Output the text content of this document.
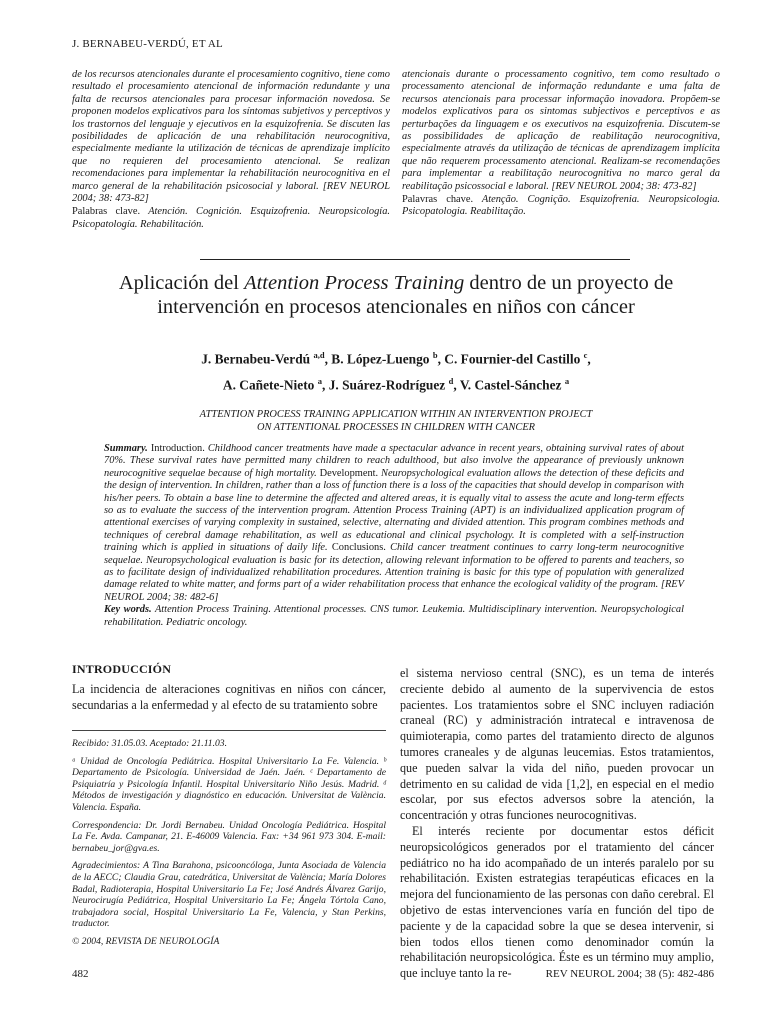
J. BERNABEU-VERDÚ, ET AL
de los recursos atencionales durante el procesamiento cognitivo, tiene como resultado el procesamiento atencional de información redundante y una falta de recursos atencionales para procesar información novedosa. Se proponen modelos explicativos para los síntomas subjetivos y perceptivos y los trastornos del lenguaje y ejecutivos en la esquizofrenia. Se discuten las posibilidades de aplicación de una rehabilitación neurocognitiva, especialmente mediante la utilización de técnicas de aprendizaje implícito que no requieren del procesamiento atencional. Se realizan recomendaciones para implementar la rehabilitación neurocognitiva en el marco general de la rehabilitación psicosocial y laboral. [REV NEUROL 2004; 38: 473-82]
Palabras clave. Atención. Cognición. Esquizofrenia. Neuropsicología. Psicopatología. Rehabilitación.
atencionais durante o processamento cognitivo, tem como resultado o processamento atencional de informação redundante e uma falta de recursos atencionais para processar informação inovadora. Propõem-se modelos explicativos para os sintomas subjectivos e perceptivos e as perturbações da linguagem e os executivos na esquizofrenia. Discutem-se as possibilidades de aplicação de reabilitação neurocognitiva, especialmente através da utilização de técnicas de aprendizagem implícita que não requerem processamento atencional. Realizam-se recomendações para implementar a reabilitação neurocognitiva no marco geral da reabilitação psicossocial e laboral. [REV NEUROL 2004; 38: 473-82]
Palavras chave. Atenção. Cognição. Esquizofrenia. Neuropsicologia. Psicopatologia. Reabilitação.
Aplicación del Attention Process Training dentro de un proyecto de intervención en procesos atencionales en niños con cáncer
J. Bernabeu-Verdú $^{a,d}$, B. López-Luengo $^b$, C. Fournier-del Castillo $^c$,
A. Cañete-Nieto $^a$, J. Suárez-Rodríguez $^d$, V. Castel-Sánchez $^a$
ATTENTION PROCESS TRAINING APPLICATION WITHIN AN INTERVENTION PROJECT
ON ATTENTIONAL PROCESSES IN CHILDREN WITH CANCER
Summary. Introduction. Childhood cancer treatments have made a spectacular advance in recent years, obtaining survival rates of about 70%. These survival rates have permitted many children to reach adulthood, but also involve the appearance of previously unknown neurocognitive sequelae because of high mortality. Development. Neuropsychological evaluation allows the detection of these deficits and the design of intervention. In children, rather than a loss of function there is a loss of the capacities that should develop in comparison with his/her peers. To obtain a base line to determine the affected and altered areas, it is equally vital to assess the acute and long-term effects so as to evaluate the success of the intervention program. Attention Process Training (APT) is an individualized application program of attentional exercises of varying complexity in sustained, selective, alternating and divided attention. This program combines methods and techniques of cerebral damage rehabilitation, as well as educational and clinical psychology. It is completed with a self-instruction training which is applied in situations of daily life. Conclusions. Child cancer treatment continues to carry long-term neurocognitive sequelae. Neuropsychological evaluation is basic for its detection, allowing relevant information to be offered to parents and teachers, so as to facilitate design of individualized rehabilitation procedures. Attention training is basic for this type of population with generalized damage related to white matter, and forms part of a wider rehabilitation process that enhance the ecological validity of the program. [REV NEUROL 2004; 38: 482-6]
Key words. Attention Process Training. Attentional processes. CNS tumor. Leukemia. Multidisciplinary intervention. Neuropsychological rehabilitation. Pediatric oncology.
INTRODUCCIÓN
La incidencia de alteraciones cognitivas en niños con cáncer, secundarias a la enfermedad y al efecto de su tratamiento sobre

Recibido: 31.05.03. Aceptado: 21.11.03.

ᵃ Unidad de Oncología Pediátrica. Hospital Universitario La Fe. Valencia. ᵇ Departamento de Psicología. Universidad de Jaén. Jaén. ᶜ Departamento de Psiquiatría y Psicología Infantil. Hospital Universitario Niño Jesús. Madrid. ᵈ Métodos de investigación y diagnóstico en educación. Universitat de València. Valencia. España.

Correspondencia: Dr. Jordi Bernabeu. Unidad Oncología Pediátrica. Hospital La Fe. Avda. Campanar, 21. E-46009 Valencia. Fax: +34 961 973 304. E-mail: bernabeu_jor@gva.es.

Agradecimientos: A Tina Barahona, psicooncóloga, Junta Asociada de Valencia de la AECC; Claudia Grau, catedrática, Universitat de València; María Dolores Badal, Radioterapia, Hospital Universitario La Fe; José Andrés Álvarez Garijo, Neurocirugía Pediátrica, Hospital Universitario La Fe; Ángela Tórtola Cano, trabajadora social, Hospital Universitario La Fe, Valencia, y Stan Perkins, traductor.

© 2004, REVISTA DE NEUROLOGÍA

el sistema nervioso central (SNC), es un tema de interés creciente debido al aumento de la supervivencia de estos pacientes. Los tratamientos sobre el SNC incluyen radiación craneal (RC) y administración intratecal e intravenosa de quimioterapia, como partes del tratamiento directo de algunos tumores craneales y de algunas leucemias. Estos tratamientos, que pueden salvar la vida del niño, pueden provocar un detrimento en su calidad de vida [1,2], en especial en el medio escolar, por sus efectos adversos sobre la atención, la concentración y otras funciones neurocognitivas.

El interés reciente por documentar estos déficit neuropsicológicos generados por el tratamiento del cáncer pediátrico no ha ido acompañado de un interés paralelo por su rehabilitación. Existen estrategias terapéuticas eficaces en la mejora del funcionamiento de las personas con daño cerebral. El objetivo de estas intervenciones varía en función del tipo de paciente y de la capacidad sobre la que se desea intervenir, si bien todos ellos tienen como denominador común la rehabilitación neuropsicológica. Éste es un término muy amplio, que incluye tanto la re-

482	REV NEUROL 2004; 38 (5): 482-486
